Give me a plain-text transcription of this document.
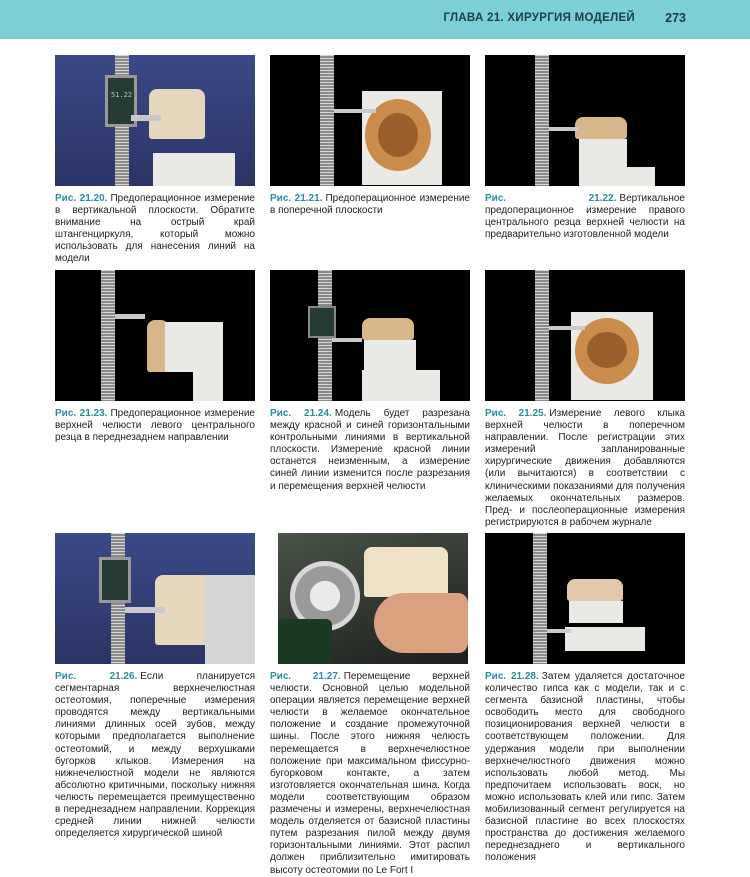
ГЛАВА 21. ХИРУРГИЯ МОДЕЛЕЙ 273
51.22
Рис. 21.20. Предоперационное измерение в вертикальной плоскости. Обратите внимание на острый край штангенциркуля, который можно использовать для нанесения линий на модели
Рис. 21.21. Предоперационное измерение в поперечной плоскости
Рис. 21.22. Вертикальное предоперационное измерение правого центрального резца верхней челюсти на предварительно изготовленной модели
Рис. 21.23. Предоперационное измерение верхней челюсти левого центрального резца в переднезаднем направлении
Рис. 21.24. Модель будет разрезана между красной и синей горизонтальными контрольными линиями в вертикальной плоскости. Измерение красной линии останется неизменным, а измерение синей линии изменится после разрезания и перемещения верхней челюсти
Рис. 21.25. Измерение левого клыка верхней челюсти в поперечном направлении. После регистрации этих измерений запланированные хирургические движения добавляются (или вычитаются) в соответствии с клиническими показаниями для получения желаемых окончательных размеров. Пред- и послеоперационные измерения регистрируются в рабочем журнале
Рис. 21.26. Если планируется сегментарная верхнечелюстная остеотомия, поперечные измерения проводятся между вертикальными линиями длинных осей зубов, между которыми предполагается выполнение остеотомий, и между верхушками бугорков клыков. Измерения на нижнечелюстной модели не являются абсолютно критичными, поскольку нижняя челюсть перемещается преимущественно в переднезаднем направлении. Коррекция средней линии нижней челюсти определяется хирургической шиной
Рис. 21.27. Перемещение верхней челюсти. Основной целью модельной операции является перемещение верхней челюсти в желаемое окончательное положение и создание промежуточной шины. После этого нижняя челюсть перемещается в верхнечелюстное положение при максимальном фиссурно-бугорковом контакте, а затем изготовляется окончательная шина. Когда модели соответствующим образом размечены и измерены, верхнечелюстная модель отделяется от базисной пластины путем разрезания пилой между двумя горизонтальными линиями. Этот распил должен приблизительно имитировать высоту остеотомии по Le Fort I
Рис. 21.28. Затем удаляется достаточное количество гипса как с модели, так и с сегмента базисной пластины, чтобы освободить место для свободного позиционирования верхней челюсти в соответствующем положении. Для удержания модели при выполнении верхнечелюстного движения можно использовать любой метод. Мы предпочитаем использовать воск, но можно использовать клей или гипс. Затем мобилизованный сегмент регулируется на базисной пластине во всех плоскостях пространства до достижения желаемого переднезаднего и вертикального положения
